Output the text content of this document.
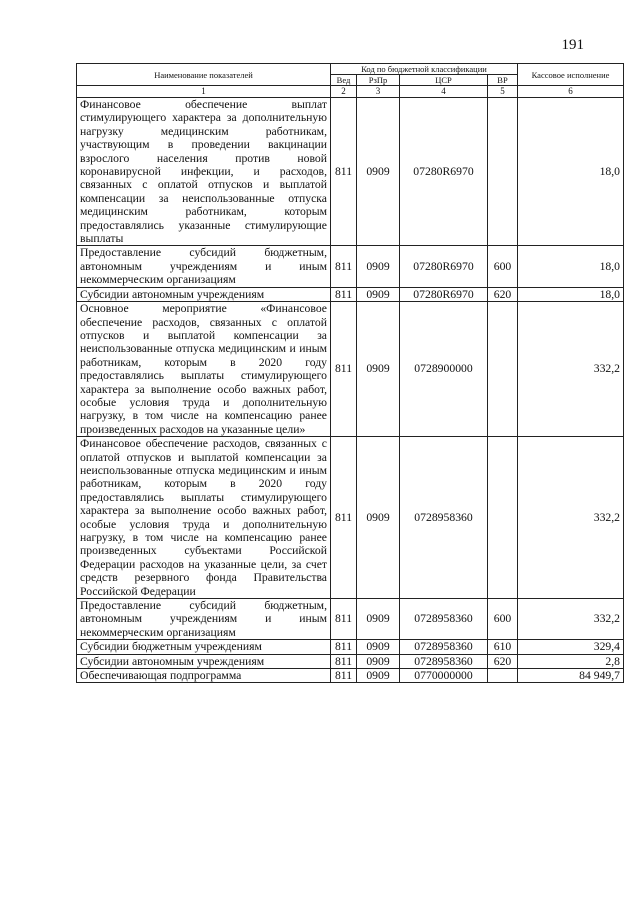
191
Наименование показателей	Код по бюджетной классификации				Кассовое исполнение
	Вед	РзПр	ЦСР	ВР	
1	2	3	4	5	6
Финансовое обеспечение выплат стимулирующего характера за дополнительную нагрузку медицинским работникам, участвующим в проведении вакцинации взрослого населения против новой коронавирусной инфекции, и расходов, связанных с оплатой отпусков и выплатой компенсации за неиспользованные отпуска медицинским работникам, которым предоставлялись указанные стимулирующие выплаты	811	0909	07280R6970		18,0
Предоставление субсидий бюджетным, автономным учреждениям и иным некоммерческим организациям	811	0909	07280R6970	600	18,0
Субсидии автономным учреждениям	811	0909	07280R6970	620	18,0
Основное мероприятие «Финансовое обеспечение расходов, связанных с оплатой отпусков и выплатой компенсации за неиспользованные отпуска медицинским и иным работникам, которым в 2020 году предоставлялись выплаты стимулирующего характера за выполнение особо важных работ, особые условия труда и дополнительную нагрузку, в том числе на компенсацию ранее произведенных расходов на указанные цели»	811	0909	0728900000		332,2
Финансовое обеспечение расходов, связанных с оплатой отпусков и выплатой компенсации за неиспользованные отпуска медицинским и иным работникам, которым в 2020 году предоставлялись выплаты стимулирующего характера за выполнение особо важных работ, особые условия труда и дополнительную нагрузку, в том числе на компенсацию ранее произведенных субъектами Российской Федерации расходов на указанные цели, за счет средств резервного фонда Правительства Российской Федерации	811	0909	0728958360		332,2
Предоставление субсидий бюджетным, автономным учреждениям и иным некоммерческим организациям	811	0909	0728958360	600	332,2
Субсидии бюджетным учреждениям	811	0909	0728958360	610	329,4
Субсидии автономным учреждениям	811	0909	0728958360	620	2,8
Обеспечивающая подпрограмма	811	0909	0770000000		84 949,7
